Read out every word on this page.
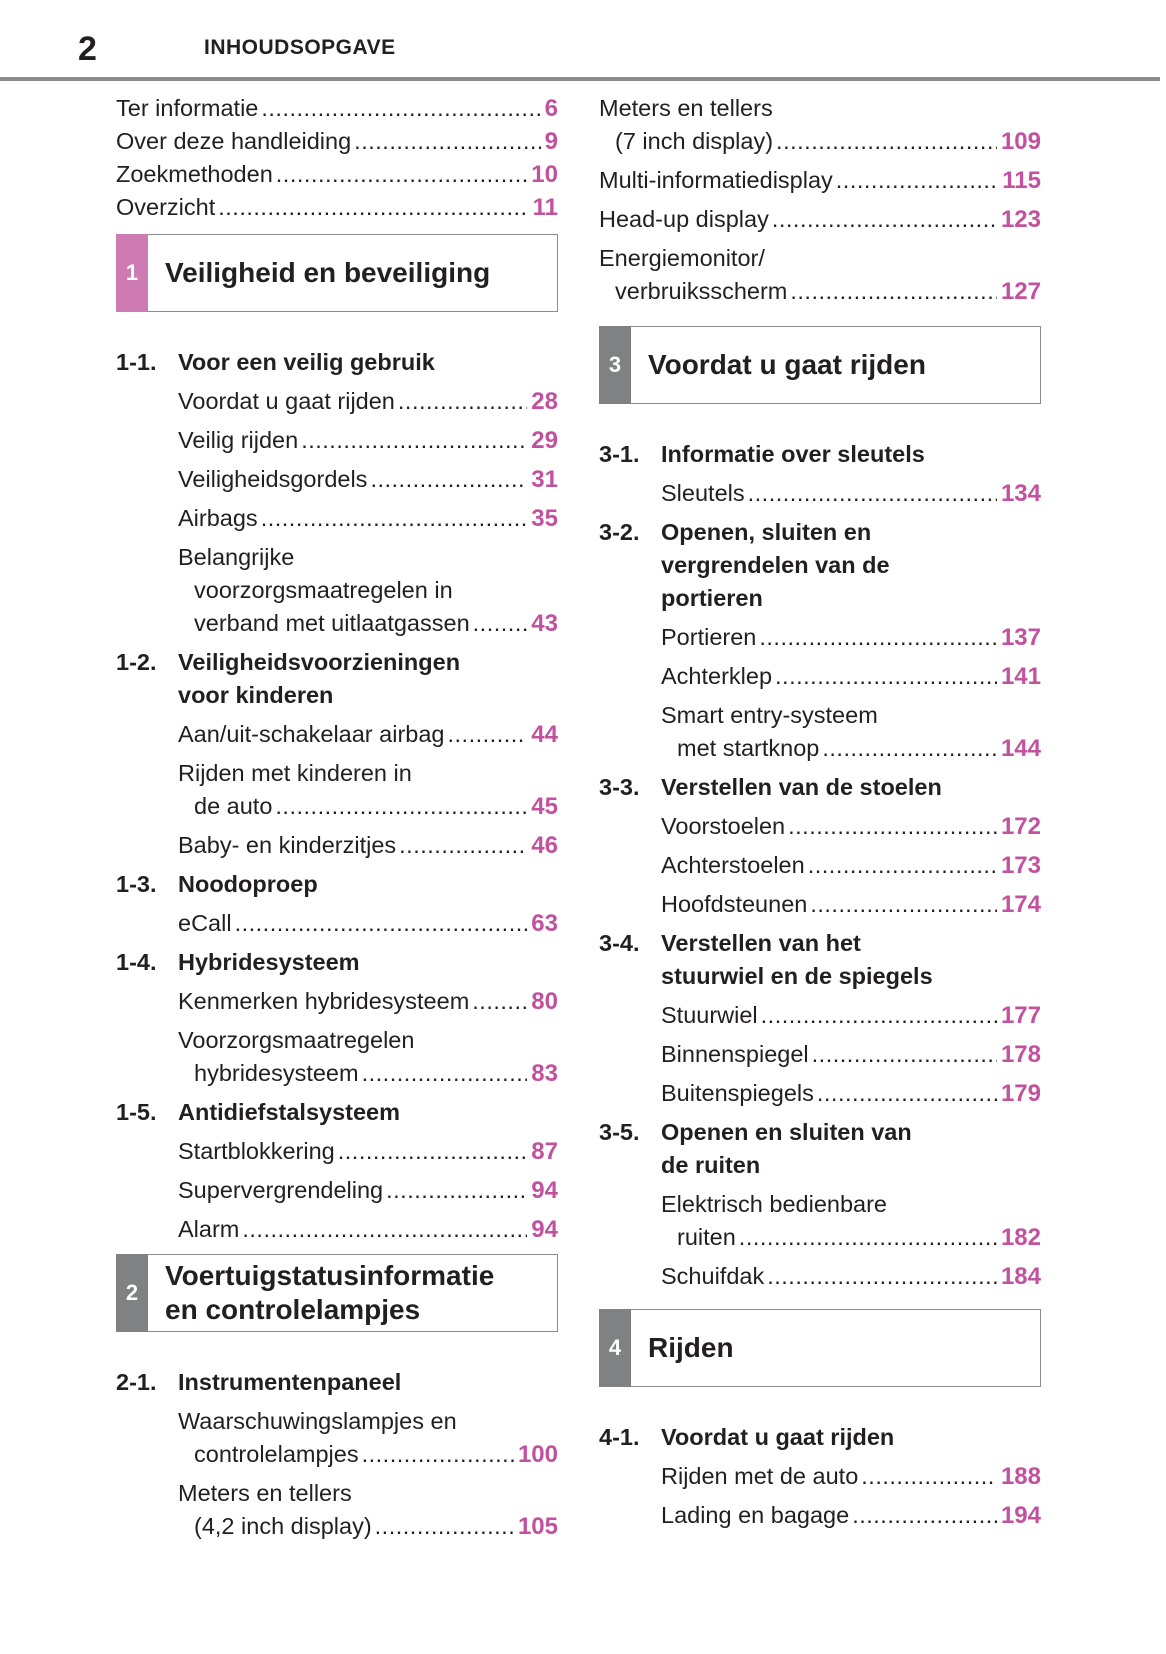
2	INHOUDSOPGAVE
Ter informatie .....	6
Over deze handleiding .....	9
Zoekmethoden .....	10
Overzicht .....	11
1 Veiligheid en beveiliging
1-1. Voor een veilig gebruik
Voordat u gaat rijden .....	28
Veilig rijden .....	29
Veiligheidsgordels .....	31
Airbags .....	35
Belangrijke
voorzorgsmaatregelen in
verband met uitlaatgassen .....	43
1-2. Veiligheidsvoorzieningen
voor kinderen
Aan/uit-schakelaar airbag .....	44
Rijden met kinderen in
de auto .....	45
Baby- en kinderzitjes .....	46
1-3. Noodoproep
eCall .....	63
1-4. Hybridesysteem
Kenmerken hybridesysteem .....	80
Voorzorgsmaatregelen
hybridesysteem .....	83
1-5. Antidiefstalsysteem
Startblokkering .....	87
Supervergrendeling .....	94
Alarm .....	94
2
Voertuigstatusinformatie
en controlelampjes
2-1. Instrumentenpaneel
Waarschuwingslampjes en
controlelampjes .....	100
Meters en tellers
(4,2 inch display) .....	105
Meters en tellers
(7 inch display) .....	109
Multi-informatiedisplay .....	115
Head-up display .....	123
Energiemonitor/
verbruiksscherm .....	127
3 Voordat u gaat rijden
3-1. Informatie over sleutels
Sleutels .....	134
3-2. Openen, sluiten en
vergrendelen van de
portieren
Portieren .....	137
Achterklep .....	141
Smart entry-systeem
met startknop .....	144
3-3. Verstellen van de stoelen
Voorstoelen .....	172
Achterstoelen .....	173
Hoofdsteunen .....	174
3-4. Verstellen van het
stuurwiel en de spiegels
Stuurwiel .....	177
Binnenspiegel .....	178
Buitenspiegels .....	179
3-5. Openen en sluiten van
de ruiten
Elektrisch bedienbare
ruiten .....	182
Schuifdak .....	184
4 Rijden
4-1. Voordat u gaat rijden
Rijden met de auto .....	188
Lading en bagage .....	194
